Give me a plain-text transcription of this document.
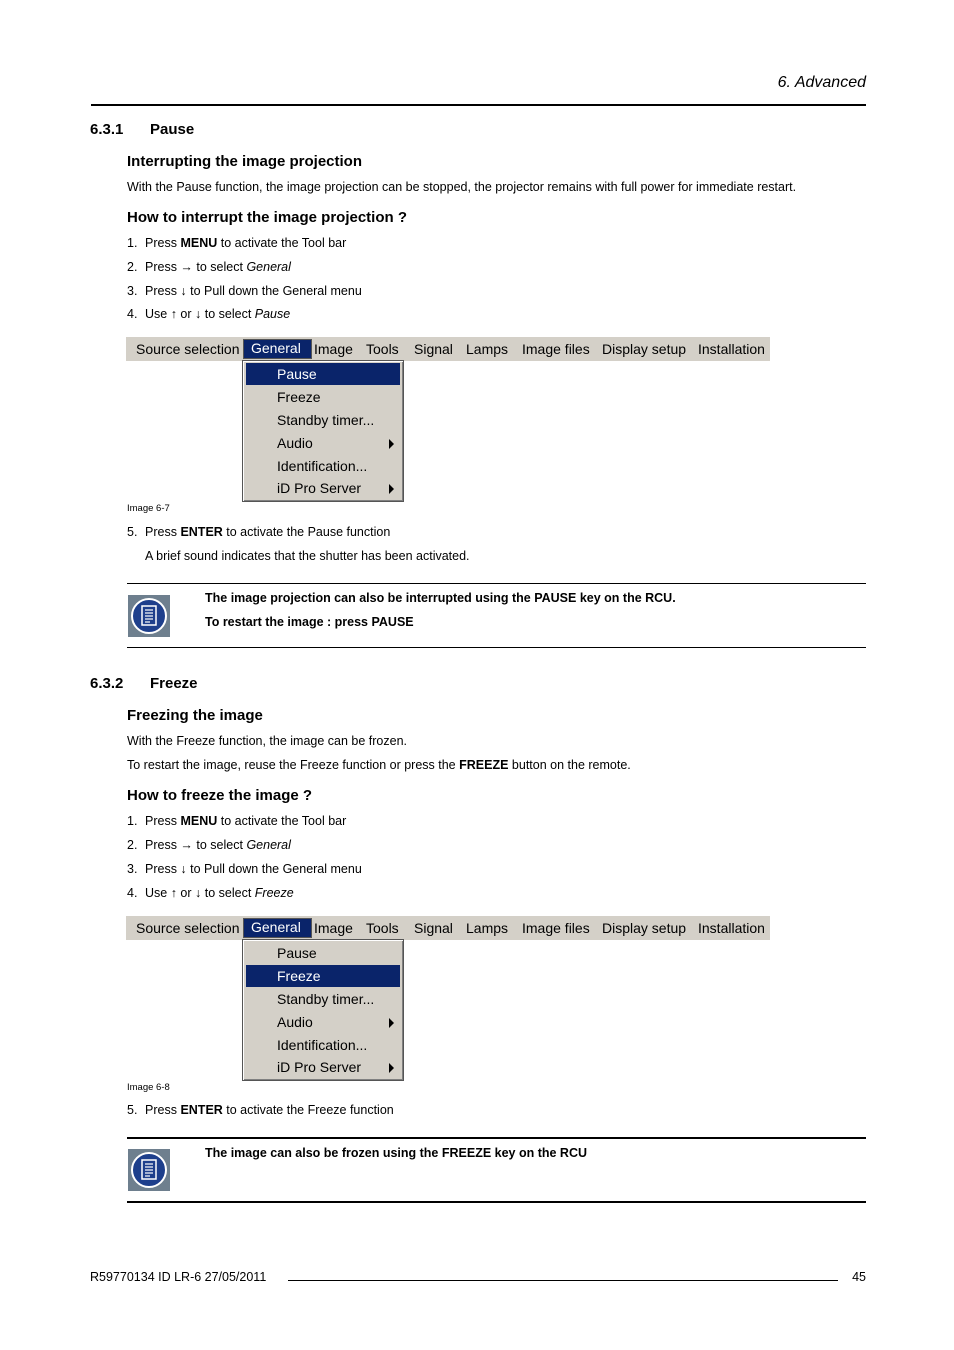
6. Advanced
6.3.1 Pause
Interrupting the image projection
With the Pause function, the image projection can be stopped, the projector remains with full power for immediate restart.
How to interrupt the image projection ?
1. Press MENU to activate the Tool bar
2. Press → to select General
3. Press ↓ to Pull down the General menu
4. Use ↑ or ↓ to select Pause
Source selection General Image Tools Signal Lamps Image files Display setup Installation
Pause
Freeze
Standby timer...
Audio
Identification...
iD Pro Server
Image 6-7
5. Press ENTER to activate the Pause function
A brief sound indicates that the shutter has been activated.
The image projection can also be interrupted using the PAUSE key on the RCU.
To restart the image : press PAUSE
6.3.2 Freeze
Freezing the image
With the Freeze function, the image can be frozen.
To restart the image, reuse the Freeze function or press the FREEZE button on the remote.
How to freeze the image ?
1. Press MENU to activate the Tool bar
2. Press → to select General
3. Press ↓ to Pull down the General menu
4. Use ↑ or ↓ to select Freeze
Source selection General Image Tools Signal Lamps Image files Display setup Installation
Pause
Freeze
Standby timer...
Audio
Identification...
iD Pro Server
Image 6-8
5. Press ENTER to activate the Freeze function
The image can also be frozen using the FREEZE key on the RCU
R59770134 ID LR-6 27/05/2011	45
